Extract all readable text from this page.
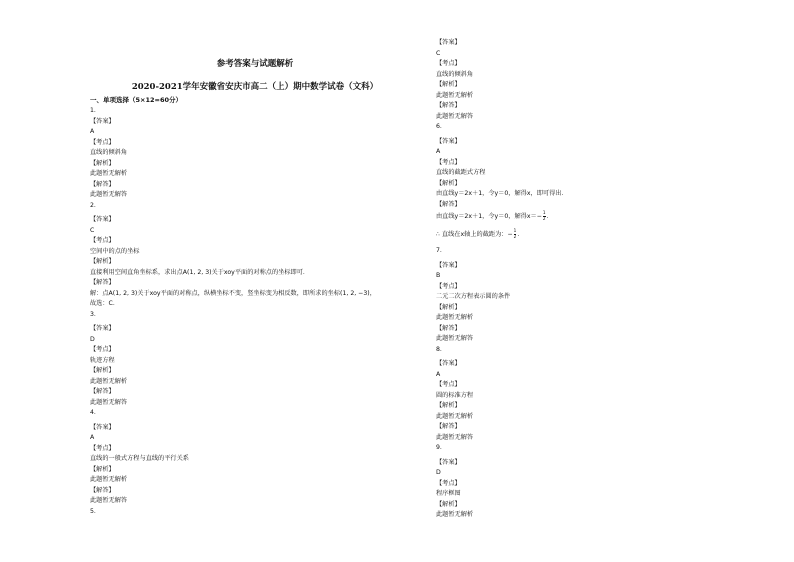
参考答案与试题解析
2020-2021学年安徽省安庆市高二（上）期中数学试卷（文科）
一、单项选择（5×12=60分）
1.
【答案】
A
【考点】
直线的倾斜角
【解析】
此题暂无解析
【解答】
此题暂无解答
2.
【答案】
C
【考点】
空间中的点的坐标
【解析】
直接利用空间直角坐标系，求出点A(1, 2, 3)关于xoy平面的对称点的坐标即可．
【解答】
解：点A(1, 2, 3)关于xoy平面的对称点，纵横坐标不变，竖坐标变为相反数，即所求的坐标(1, 2, −3)，
故选：C．
3.
【答案】
D
【考点】
轨迹方程
【解析】
此题暂无解析
【解答】
此题暂无解答
4.
【答案】
A
【考点】
直线的一般式方程与直线的平行关系
【解析】
此题暂无解析
【解答】
此题暂无解答
5.
【答案】
C
【考点】
直线的倾斜角
【解析】
此题暂无解析
【解答】
此题暂无解答
6.
【答案】
A
【考点】
直线的截距式方程
【解析】
由直线y＝2x＋1，令y＝0，解得x，即可得出．
【解答】
由直线y＝2x＋1，令y＝0，解得$x=- \frac{1}{2}$ ．
∴ 直线在x轴上的截距为：− $\frac{1}{2}$ ．
7.
【答案】
B
【考点】
二元二次方程表示圆的条件
【解析】
此题暂无解析
【解答】
此题暂无解答
8.
【答案】
A
【考点】
圆的标准方程
【解析】
此题暂无解析
【解答】
此题暂无解答
9.
【答案】
D
【考点】
程序框图
【解析】
此题暂无解析
